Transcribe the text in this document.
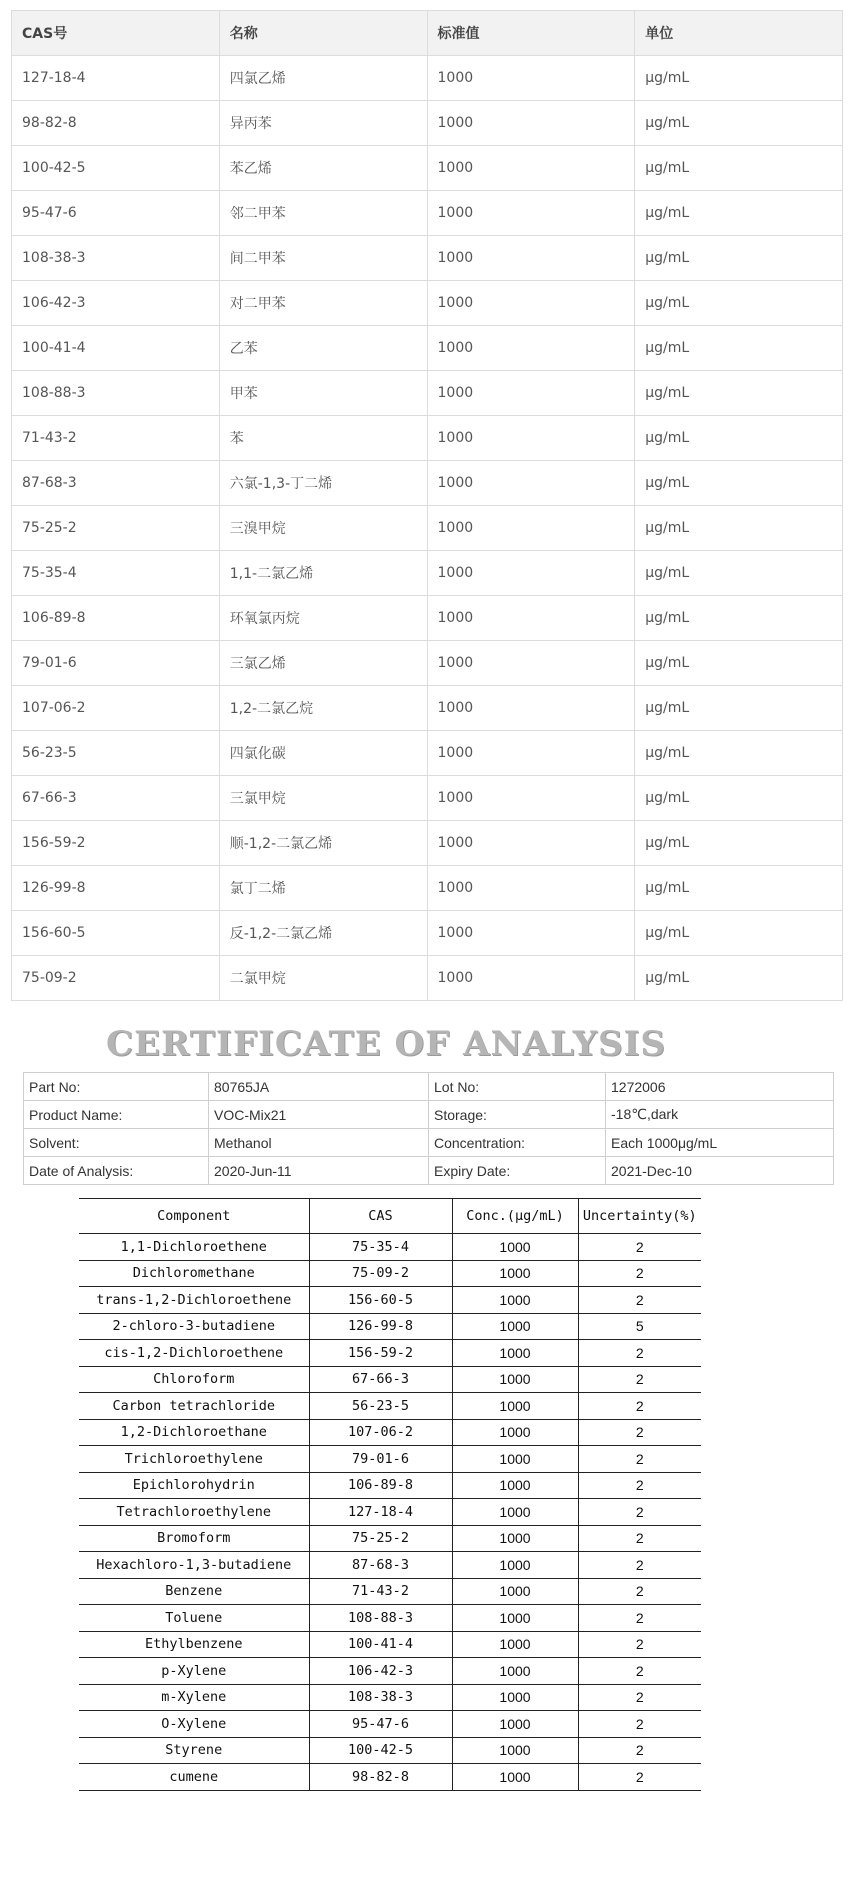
CAS号	名称	标准值	单位
127-18-4	四氯乙烯	1000	μg/mL
98-82-8	异丙苯	1000	μg/mL
100-42-5	苯乙烯	1000	μg/mL
95-47-6	邻二甲苯	1000	μg/mL
108-38-3	间二甲苯	1000	μg/mL
106-42-3	对二甲苯	1000	μg/mL
100-41-4	乙苯	1000	μg/mL
108-88-3	甲苯	1000	μg/mL
71-43-2	苯	1000	μg/mL
87-68-3	六氯-1,3-丁二烯	1000	μg/mL
75-25-2	三溴甲烷	1000	μg/mL
75-35-4	1,1-二氯乙烯	1000	μg/mL
106-89-8	环氧氯丙烷	1000	μg/mL
79-01-6	三氯乙烯	1000	μg/mL
107-06-2	1,2-二氯乙烷	1000	μg/mL
56-23-5	四氯化碳	1000	μg/mL
67-66-3	三氯甲烷	1000	μg/mL
156-59-2	顺-1,2-二氯乙烯	1000	μg/mL
126-99-8	氯丁二烯	1000	μg/mL
156-60-5	反-1,2-二氯乙烯	1000	μg/mL
75-09-2	二氯甲烷	1000	μg/mL
CERTIFICATE OF ANALYSIS
Part No:	80765JA	Lot No:	1272006
Product Name:	VOC-Mix21	Storage:	-18℃,dark
Solvent:	Methanol	Concentration:	Each 1000μg/mL
Date of Analysis:	2020-Jun-11	Expiry Date:	2021-Dec-10
Component	CAS	Conc.(μg/mL)	Uncertainty(%)
1,1-Dichloroethene	75-35-4	1000	2
Dichloromethane	75-09-2	1000	2
trans-1,2-Dichloroethene	156-60-5	1000	2
2-chloro-3-butadiene	126-99-8	1000	5
cis-1,2-Dichloroethene	156-59-2	1000	2
Chloroform	67-66-3	1000	2
Carbon tetrachloride	56-23-5	1000	2
1,2-Dichloroethane	107-06-2	1000	2
Trichloroethylene	79-01-6	1000	2
Epichlorohydrin	106-89-8	1000	2
Tetrachloroethylene	127-18-4	1000	2
Bromoform	75-25-2	1000	2
Hexachloro-1,3-butadiene	87-68-3	1000	2
Benzene	71-43-2	1000	2
Toluene	108-88-3	1000	2
Ethylbenzene	100-41-4	1000	2
p-Xylene	106-42-3	1000	2
m-Xylene	108-38-3	1000	2
O-Xylene	95-47-6	1000	2
Styrene	100-42-5	1000	2
cumene	98-82-8	1000	2
